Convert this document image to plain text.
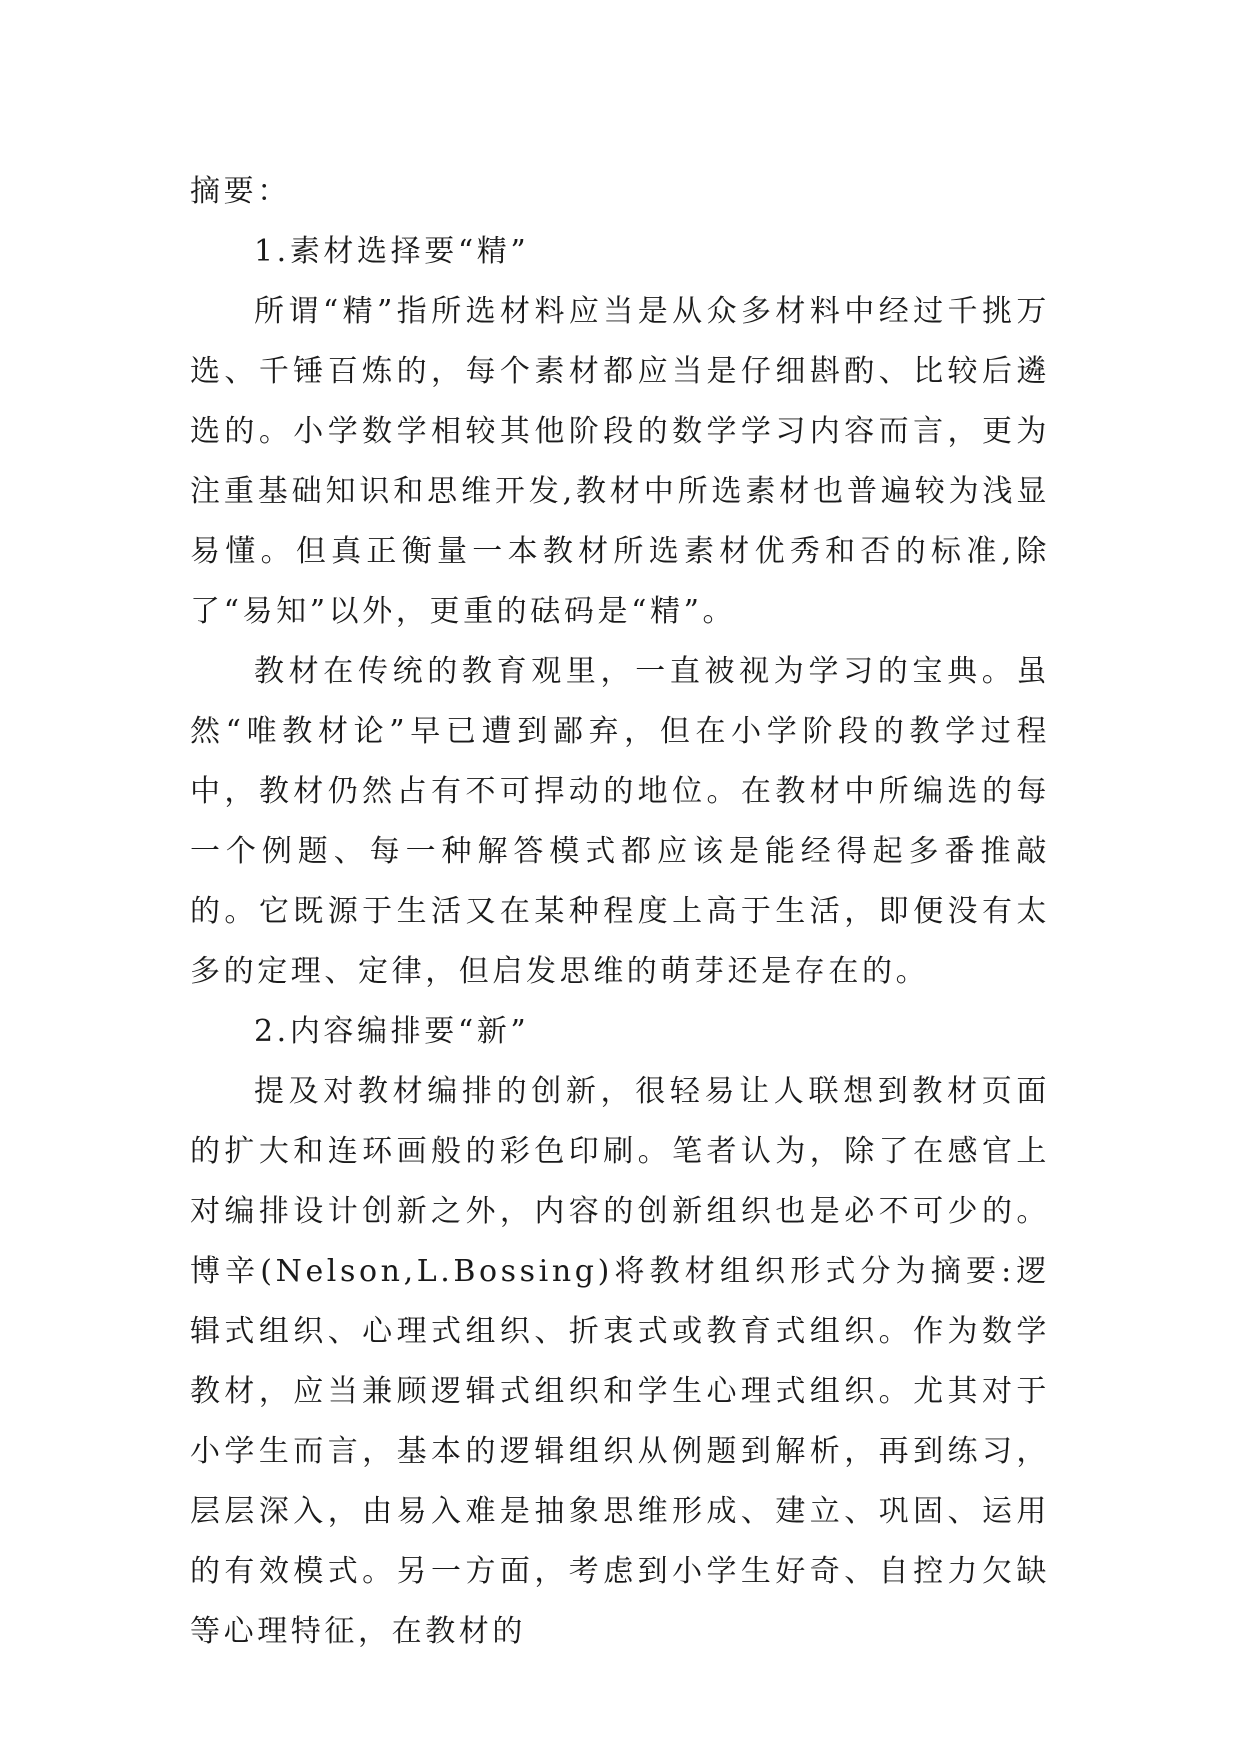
摘要：

1.素材选择要“精”

所谓“精”指所选材料应当是从众多材料中经过千挑万选、千锤百炼的，每个素材都应当是仔细斟酌、比较后遴选的。小学数学相较其他阶段的数学学习内容而言，更为注重基础知识和思维开发,教材中所选素材也普遍较为浅显易懂。但真正衡量一本教材所选素材优秀和否的标准,除了“易知”以外，更重的砝码是“精”。

教材在传统的教育观里，一直被视为学习的宝典。虽然“唯教材论”早已遭到鄙弃，但在小学阶段的教学过程中，教材仍然占有不可捍动的地位。在教材中所编选的每一个例题、每一种解答模式都应该是能经得起多番推敲的。它既源于生活又在某种程度上高于生活，即便没有太多的定理、定律，但启发思维的萌芽还是存在的。

2.内容编排要“新”

提及对教材编排的创新，很轻易让人联想到教材页面的扩大和连环画般的彩色印刷。笔者认为，除了在感官上对编排设计创新之外，内容的创新组织也是必不可少的。博辛(Nelson,L.Bossing)将教材组织形式分为摘要:逻辑式组织、心理式组织、折衷式或教育式组织。作为数学教材，应当兼顾逻辑式组织和学生心理式组织。尤其对于小学生而言，基本的逻辑组织从例题到解析，再到练习，层层深入，由易入难是抽象思维形成、建立、巩固、运用的有效模式。另一方面，考虑到小学生好奇、自控力欠缺等心理特征，在教材的
